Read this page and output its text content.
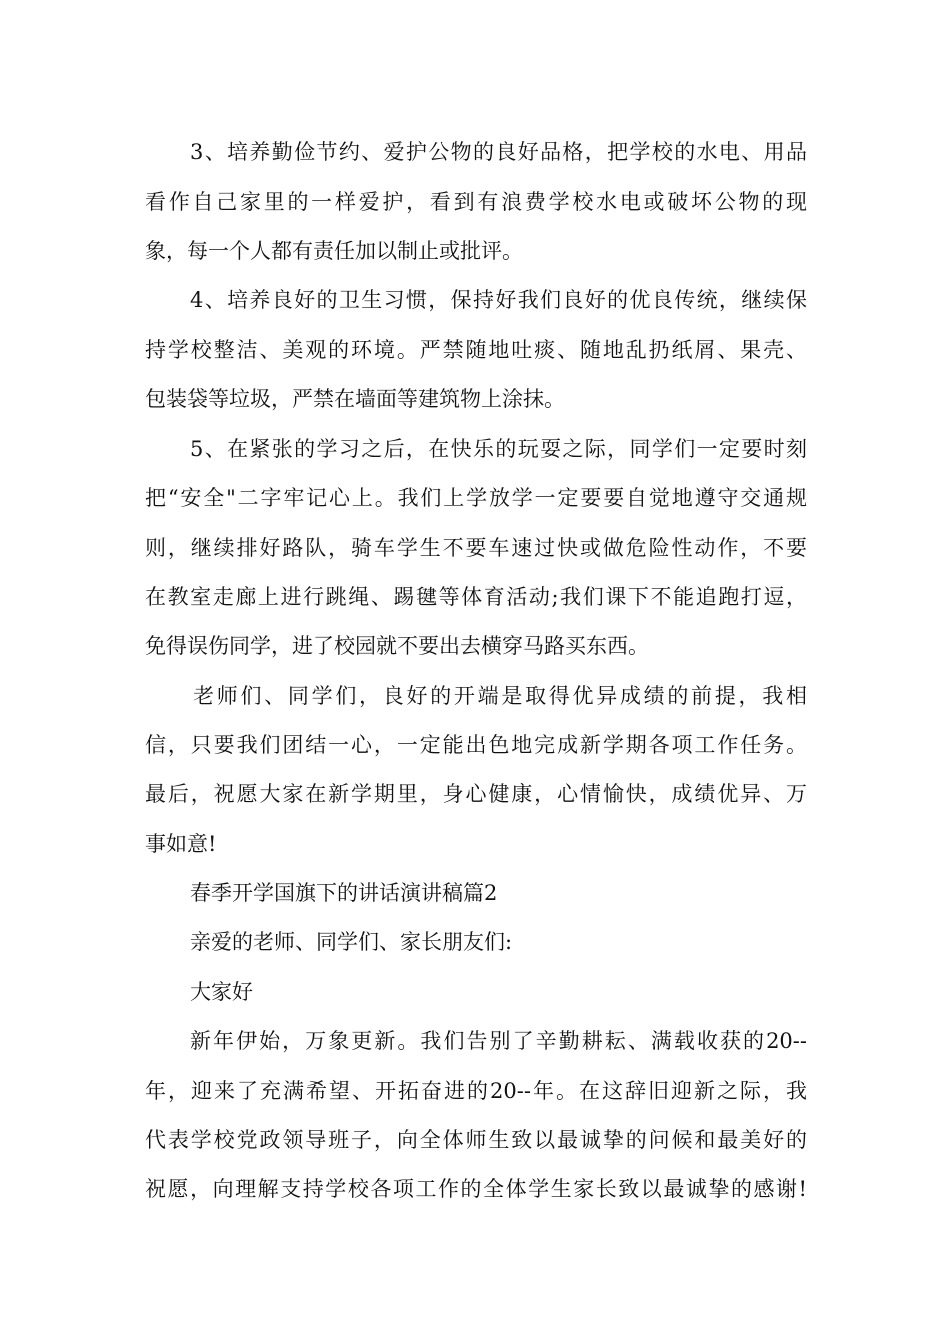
3、培养勤俭节约、爱护公物的良好品格，把学校的水电、用品
看作自己家里的一样爱护，看到有浪费学校水电或破坏公物的现
象，每一个人都有责任加以制止或批评。
4、培养良好的卫生习惯，保持好我们良好的优良传统，继续保
持学校整洁、美观的环境。严禁随地吐痰、随地乱扔纸屑、果壳、
包装袋等垃圾，严禁在墙面等建筑物上涂抹。
5、在紧张的学习之后，在快乐的玩耍之际，同学们一定要时刻
把“安全"二字牢记心上。我们上学放学一定要要自觉地遵守交通规
则，继续排好路队，骑车学生不要车速过快或做危险性动作，不要
在教室走廊上进行跳绳、踢毽等体育活动;我们课下不能追跑打逗，
免得误伤同学，进了校园就不要出去横穿马路买东西。
老师们、同学们，良好的开端是取得优异成绩的前提，我相
信，只要我们团结一心，一定能出色地完成新学期各项工作任务。
最后，祝愿大家在新学期里，身心健康，心情愉快，成绩优异、万
事如意!
春季开学国旗下的讲话演讲稿篇2
亲爱的老师、同学们、家长朋友们:
大家好
新年伊始，万象更新。我们告别了辛勤耕耘、满载收获的20--
年，迎来了充满希望、开拓奋进的20--年。在这辞旧迎新之际，我
代表学校党政领导班子，向全体师生致以最诚挚的问候和最美好的
祝愿，向理解支持学校各项工作的全体学生家长致以最诚挚的感谢!
